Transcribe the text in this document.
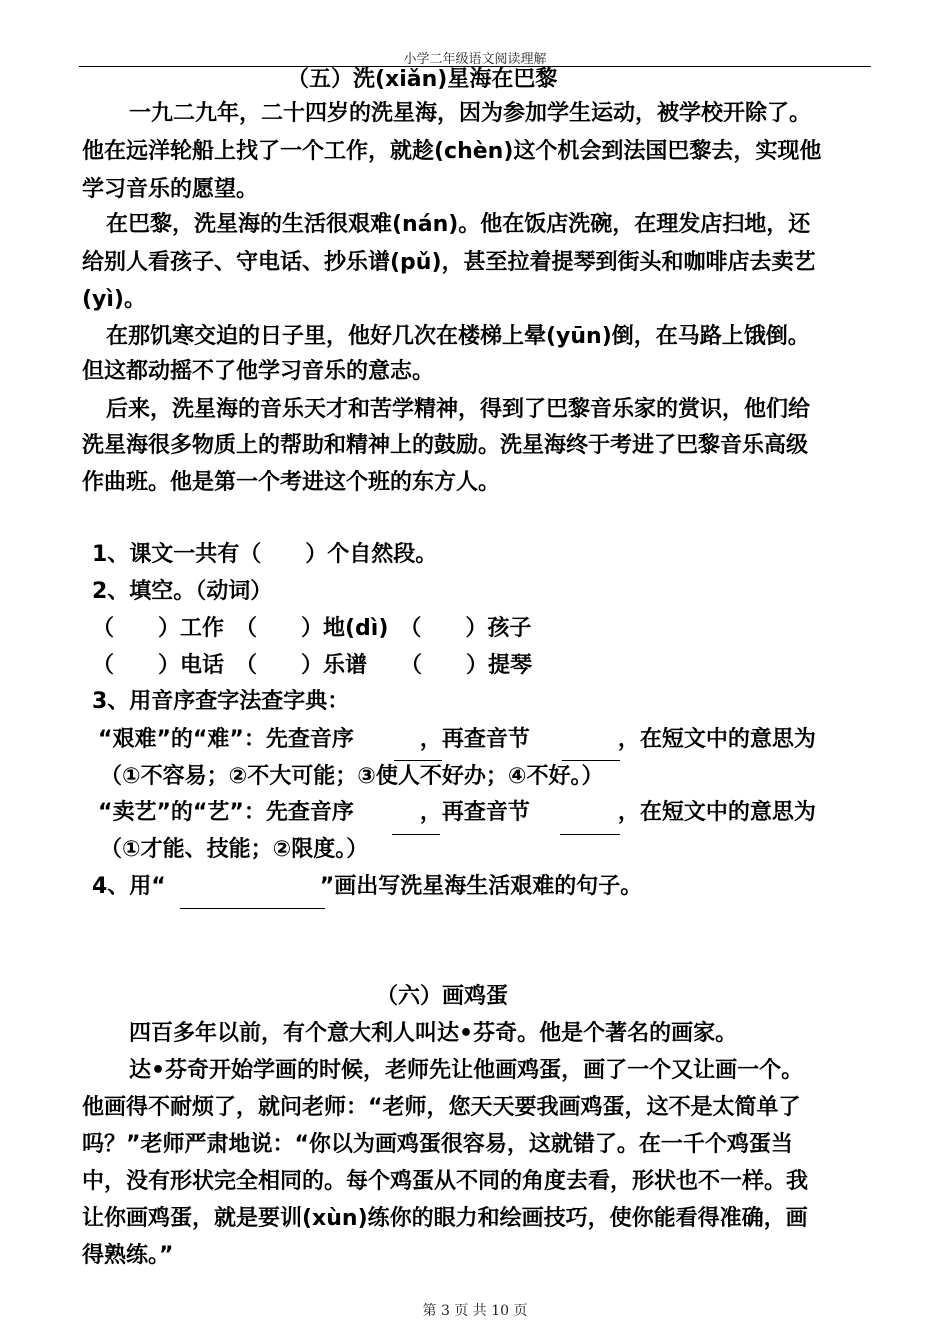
小学二年级语文阅读理解
（五）洗(xiǎn)星海在巴黎
一九二九年，二十四岁的洗星海，因为参加学生运动，被学校开除了。
他在远洋轮船上找了一个工作，就趁(chèn)这个机会到法国巴黎去，实现他
学习音乐的愿望。
在巴黎，洗星海的生活很艰难(nán)。他在饭店洗碗，在理发店扫地，还
给别人看孩子、守电话、抄乐谱(pǔ)，甚至拉着提琴到街头和咖啡店去卖艺
(yì)。
在那饥寒交迫的日子里，他好几次在楼梯上晕(yūn)倒，在马路上饿倒。
但这都动摇不了他学习音乐的意志。
后来，洗星海的音乐天才和苦学精神，得到了巴黎音乐家的赏识，他们给
洗星海很多物质上的帮助和精神上的鼓励。洗星海终于考进了巴黎音乐高级
作曲班。他是第一个考进这个班的东方人。
1、课文一共有（　　）个自然段。
2、填空。（动词）
（　　）工作　（　　）地(dì)　（　　）孩子
（　　）电话　（　　）乐谱　　（　　）提琴
3、用音序查字法查字典：
“艰难”的“难”：先查音序　　　，再查音节　　　　，在短文中的意思为
（①不容易；②不大可能；③使人不好办；④不好。）
“卖艺”的“艺”：先查音序　　　，再查音节　　　　，在短文中的意思为
（①才能、技能；②限度。）
4、用“　　　　　　　”画出写洗星海生活艰难的句子。
（六）画鸡蛋
四百多年以前，有个意大利人叫达•芬奇。他是个著名的画家。
达•芬奇开始学画的时候，老师先让他画鸡蛋，画了一个又让画一个。
他画得不耐烦了，就问老师：“老师，您天天要我画鸡蛋，这不是太简单了
吗？”老师严肃地说：“你以为画鸡蛋很容易，这就错了。在一千个鸡蛋当
中，没有形状完全相同的。每个鸡蛋从不同的角度去看，形状也不一样。我
让你画鸡蛋，就是要训(xùn)练你的眼力和绘画技巧，使你能看得准确，画
得熟练。”
第 3 页 共 10 页
